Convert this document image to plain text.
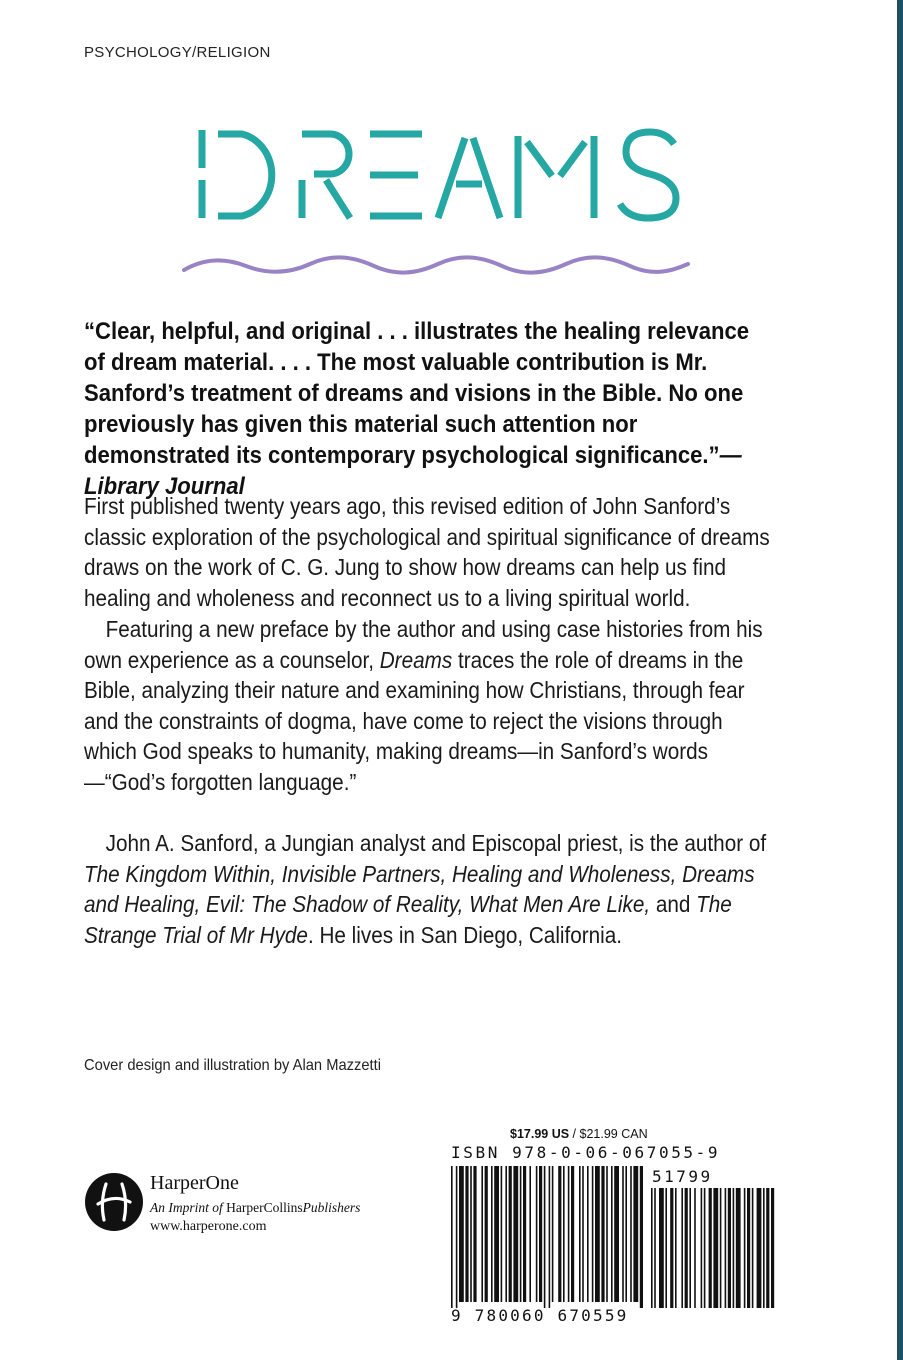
PSYCHOLOGY/RELIGION
“Clear, helpful, and original . . . illustrates the healing relevance of dream material. . . . The most valuable contribution is Mr. Sanford’s treatment of dreams and visions in the Bible. No one previously has given this material such attention nor demonstrated its contemporary psychological significance.”—Library Journal

First published twenty years ago, this revised edition of John Sanford’s classic exploration of the psychological and spiritual significance of dreams draws on the work of C. G. Jung to show how dreams can help us find healing and wholeness and reconnect us to a living spiritual world.

Featuring a new preface by the author and using case histories from his own experience as a counselor, Dreams traces the role of dreams in the Bible, analyzing their nature and examining how Christians, through fear and the constraints of dogma, have come to reject the visions through which God speaks to humanity, making dreams—in Sanford’s words—“God’s forgotten language.”

John A. Sanford, a Jungian analyst and Episcopal priest, is the author of The Kingdom Within, Invisible Partners, Healing and Wholeness, Dreams and Healing, Evil: The Shadow of Reality, What Men Are Like, and The Strange Trial of Mr Hyde. He lives in San Diego, California.

Cover design and illustration by Alan Mazzetti
HarperOne
An Imprint of HarperCollinsPublishers
www.harperone.com
$17.99 US / $21.99 CAN
ISBN 978-0-06-067055-9
9 780060 670559
51799
